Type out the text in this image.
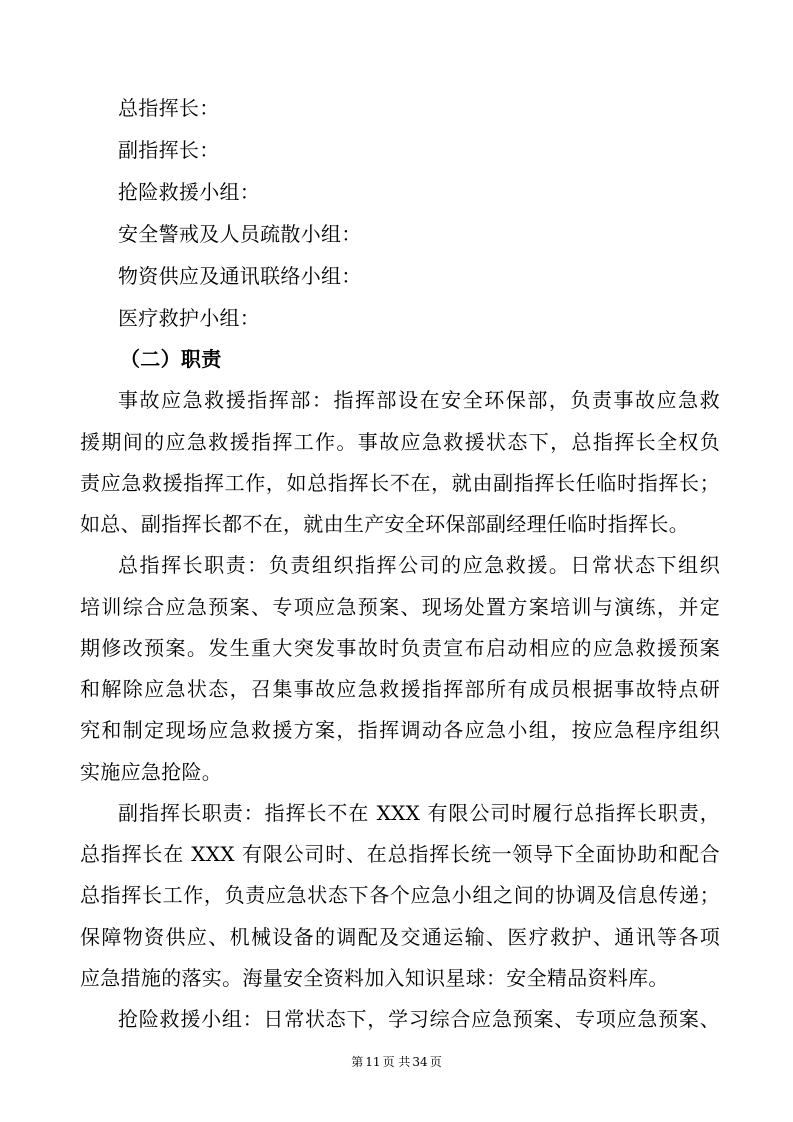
总指挥长：
副指挥长：
抢险救援小组：
安全警戒及人员疏散小组：
物资供应及通讯联络小组：
医疗救护小组：
（二）职责
事故应急救援指挥部：指挥部设在安全环保部，负责事故应急救
援期间的应急救援指挥工作。事故应急救援状态下，总指挥长全权负
责应急救援指挥工作，如总指挥长不在，就由副指挥长任临时指挥长；
如总、副指挥长都不在，就由生产安全环保部副经理任临时指挥长。
总指挥长职责：负责组织指挥公司的应急救援。日常状态下组织
培训综合应急预案、专项应急预案、现场处置方案培训与演练，并定
期修改预案。发生重大突发事故时负责宣布启动相应的应急救援预案
和解除应急状态，召集事故应急救援指挥部所有成员根据事故特点研
究和制定现场应急救援方案，指挥调动各应急小组，按应急程序组织
实施应急抢险。
副指挥长职责：指挥长不在 XXX 有限公司时履行总指挥长职责，
总指挥长在 XXX 有限公司时、在总指挥长统一领导下全面协助和配合
总指挥长工作，负责应急状态下各个应急小组之间的协调及信息传递；
保障物资供应、机械设备的调配及交通运输、医疗救护、通讯等各项
应急措施的落实。海量安全资料加入知识星球：安全精品资料库。
抢险救援小组：日常状态下，学习综合应急预案、专项应急预案、
第 11 页 共 34 页
